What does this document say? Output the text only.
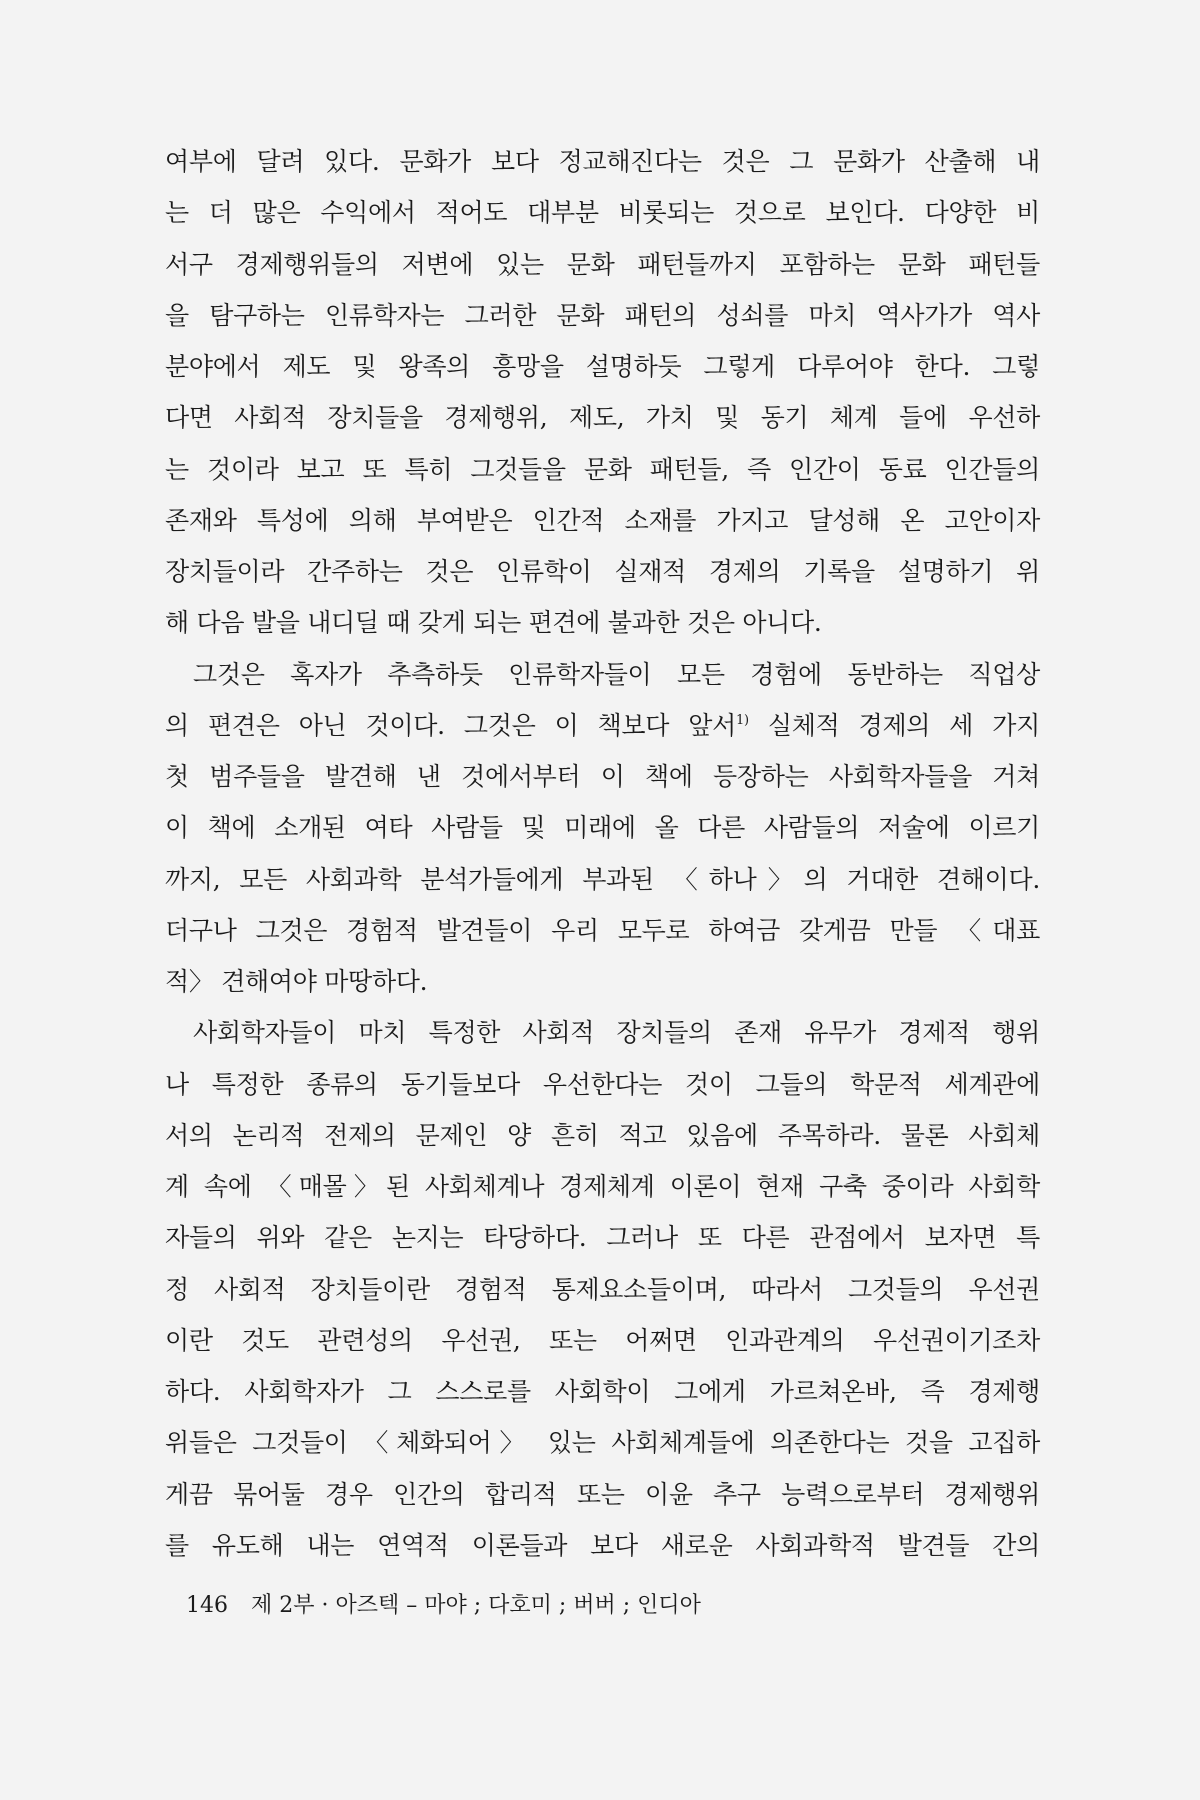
여부에 달려 있다. 문화가 보다 정교해진다는 것은 그 문화가 산출해 내
는 더 많은 수익에서 적어도 대부분 비롯되는 것으로 보인다. 다양한 비
서구 경제행위들의 저변에 있는 문화 패턴들까지 포함하는 문화 패턴들
을 탐구하는 인류학자는 그러한 문화 패턴의 성쇠를 마치 역사가가 역사
분야에서 제도 및 왕족의 흥망을 설명하듯 그렇게 다루어야 한다. 그렇
다면 사회적 장치들을 경제행위, 제도, 가치 및 동기 체계 들에 우선하
는 것이라 보고 또 특히 그것들을 문화 패턴들, 즉 인간이 동료 인간들의
존재와 특성에 의해 부여받은 인간적 소재를 가지고 달성해 온 고안이자
장치들이라 간주하는 것은 인류학이 실재적 경제의 기록을 설명하기 위
해 다음 발을 내디딜 때 갖게 되는 편견에 불과한 것은 아니다.
그것은 혹자가 추측하듯 인류학자들이 모든 경험에 동반하는 직업상
의 편견은 아닌 것이다. 그것은 이 책보다 앞서$^{1)}$ 실체적 경제의 세 가지
첫 범주들을 발견해 낸 것에서부터 이 책에 등장하는 사회학자들을 거쳐
이 책에 소개된 여타 사람들 및 미래에 올 다른 사람들의 저술에 이르기
까지, 모든 사회과학 분석가들에게 부과된 〈하나〉의 거대한 견해이다.
더구나 그것은 경험적 발견들이 우리 모두로 하여금 갖게끔 만들 〈대표
적〉 견해여야 마땅하다.
사회학자들이 마치 특정한 사회적 장치들의 존재 유무가 경제적 행위
나 특정한 종류의 동기들보다 우선한다는 것이 그들의 학문적 세계관에
서의 논리적 전제의 문제인 양 흔히 적고 있음에 주목하라. 물론 사회체
계 속에 〈매몰〉된 사회체계나 경제체계 이론이 현재 구축 중이라 사회학
자들의 위와 같은 논지는 타당하다. 그러나 또 다른 관점에서 보자면 특
정 사회적 장치들이란 경험적 통제요소들이며, 따라서 그것들의 우선권
이란 것도 관련성의 우선권, 또는 어쩌면 인과관계의 우선권이기조차
하다. 사회학자가 그 스스로를 사회학이 그에게 가르쳐온바, 즉 경제행
위들은 그것들이 〈체화되어〉 있는 사회체계들에 의존한다는 것을 고집하
게끔 묶어둘 경우 인간의 합리적 또는 이윤 추구 능력으로부터 경제행위
를 유도해 내는 연역적 이론들과 보다 새로운 사회과학적 발견들 간의
146 제 2부 · 아즈텍 – 마야 ; 다호미 ; 버버 ; 인디아
